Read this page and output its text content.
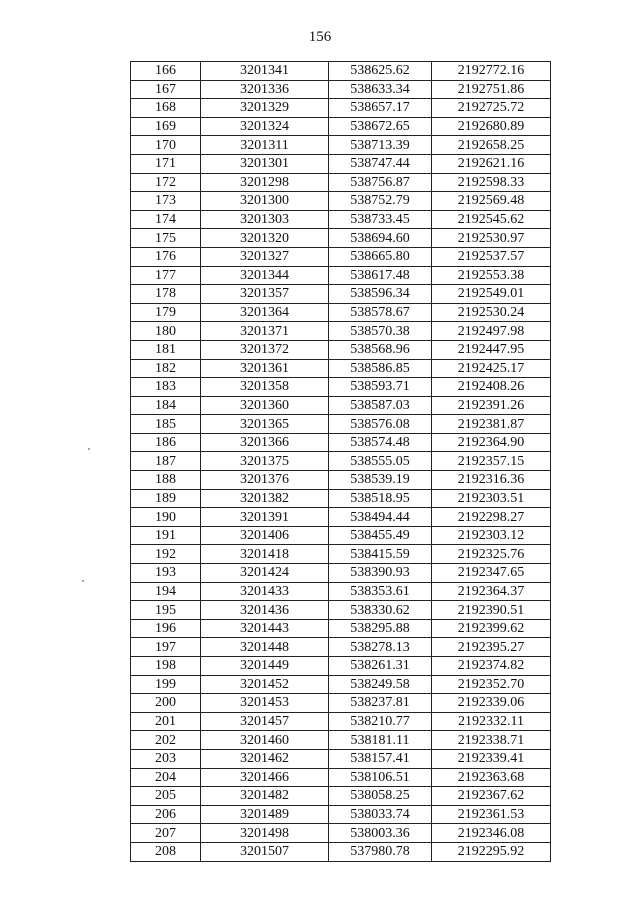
156
166	3201341	538625.62	2192772.16
167	3201336	538633.34	2192751.86
168	3201329	538657.17	2192725.72
169	3201324	538672.65	2192680.89
170	3201311	538713.39	2192658.25
171	3201301	538747.44	2192621.16
172	3201298	538756.87	2192598.33
173	3201300	538752.79	2192569.48
174	3201303	538733.45	2192545.62
175	3201320	538694.60	2192530.97
176	3201327	538665.80	2192537.57
177	3201344	538617.48	2192553.38
178	3201357	538596.34	2192549.01
179	3201364	538578.67	2192530.24
180	3201371	538570.38	2192497.98
181	3201372	538568.96	2192447.95
182	3201361	538586.85	2192425.17
183	3201358	538593.71	2192408.26
184	3201360	538587.03	2192391.26
185	3201365	538576.08	2192381.87
186	3201366	538574.48	2192364.90
187	3201375	538555.05	2192357.15
188	3201376	538539.19	2192316.36
189	3201382	538518.95	2192303.51
190	3201391	538494.44	2192298.27
191	3201406	538455.49	2192303.12
192	3201418	538415.59	2192325.76
193	3201424	538390.93	2192347.65
194	3201433	538353.61	2192364.37
195	3201436	538330.62	2192390.51
196	3201443	538295.88	2192399.62
197	3201448	538278.13	2192395.27
198	3201449	538261.31	2192374.82
199	3201452	538249.58	2192352.70
200	3201453	538237.81	2192339.06
201	3201457	538210.77	2192332.11
202	3201460	538181.11	2192338.71
203	3201462	538157.41	2192339.41
204	3201466	538106.51	2192363.68
205	3201482	538058.25	2192367.62
206	3201489	538033.74	2192361.53
207	3201498	538003.36	2192346.08
208	3201507	537980.78	2192295.92
